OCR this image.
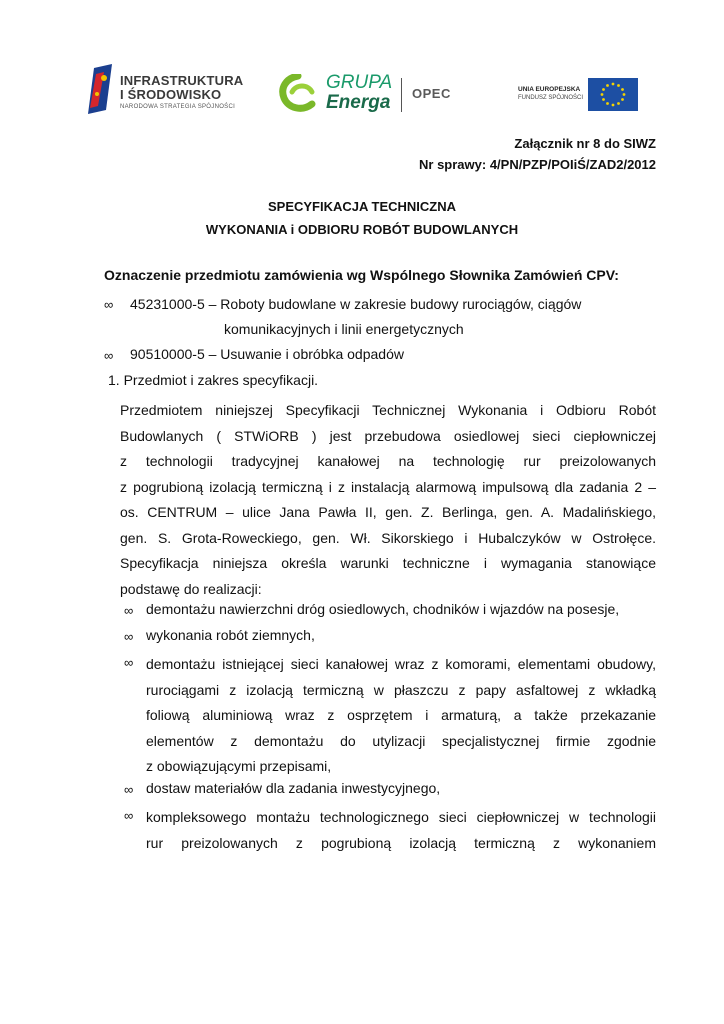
INFRASTRUKTURA
I ŚRODOWISKO
NARODOWA STRATEGIA SPÓJNOŚCI
GRUPA
Energa OPEC	UNIA EUROPEJSKA
FUNDUSZ SPÓJNOŚCI
Załącznik nr 8 do SIWZ
Nr sprawy: 4/PN/PZP/POIiŚ/ZAD2/2012
SPECYFIKACJA TECHNICZNA
WYKONANIA i ODBIORU ROBÓT BUDOWLANYCH
Oznaczenie przedmiotu zamówienia wg Wspólnego Słownika Zamówień CPV:
∞ 45231000-5 – Roboty budowlane w zakresie budowy rurociągów, ciągów
komunikacyjnych i linii energetycznych
∞ 90510000-5 – Usuwanie i obróbka odpadów
1. Przedmiot i zakres specyfikacji.
Przedmiotem niniejszej Specyfikacji Technicznej Wykonania i Odbioru Robót
Budowlanych ( STWiORB ) jest przebudowa osiedlowej sieci ciepłowniczej
z technologii tradycyjnej kanałowej na technologię rur preizolowanych
z pogrubioną izolacją termiczną i z instalacją alarmową impulsową dla zadania 2 –
os. CENTRUM – ulice Jana Pawła II, gen. Z. Berlinga, gen. A. Madalińskiego,
gen. S. Grota-Roweckiego, gen. Wł. Sikorskiego i Hubalczyków w Ostrołęce.
Specyfikacja niniejsza określa warunki techniczne i wymagania stanowiące
podstawę do realizacji:
∞ demontażu nawierzchni dróg osiedlowych, chodników i wjazdów na posesje,
∞ wykonania robót ziemnych,
∞ demontażu istniejącej sieci kanałowej wraz z komorami, elementami obudowy,
rurociągami z izolacją termiczną w płaszczu z papy asfaltowej z wkładką
foliową aluminiową wraz z osprzętem i armaturą, a także przekazanie
elementów z demontażu do utylizacji specjalistycznej firmie zgodnie
z obowiązującymi przepisami,
∞ dostaw materiałów dla zadania inwestycyjnego,
∞ kompleksowego montażu technologicznego sieci ciepłowniczej w technologii
rur preizolowanych z pogrubioną izolacją termiczną z wykonaniem
